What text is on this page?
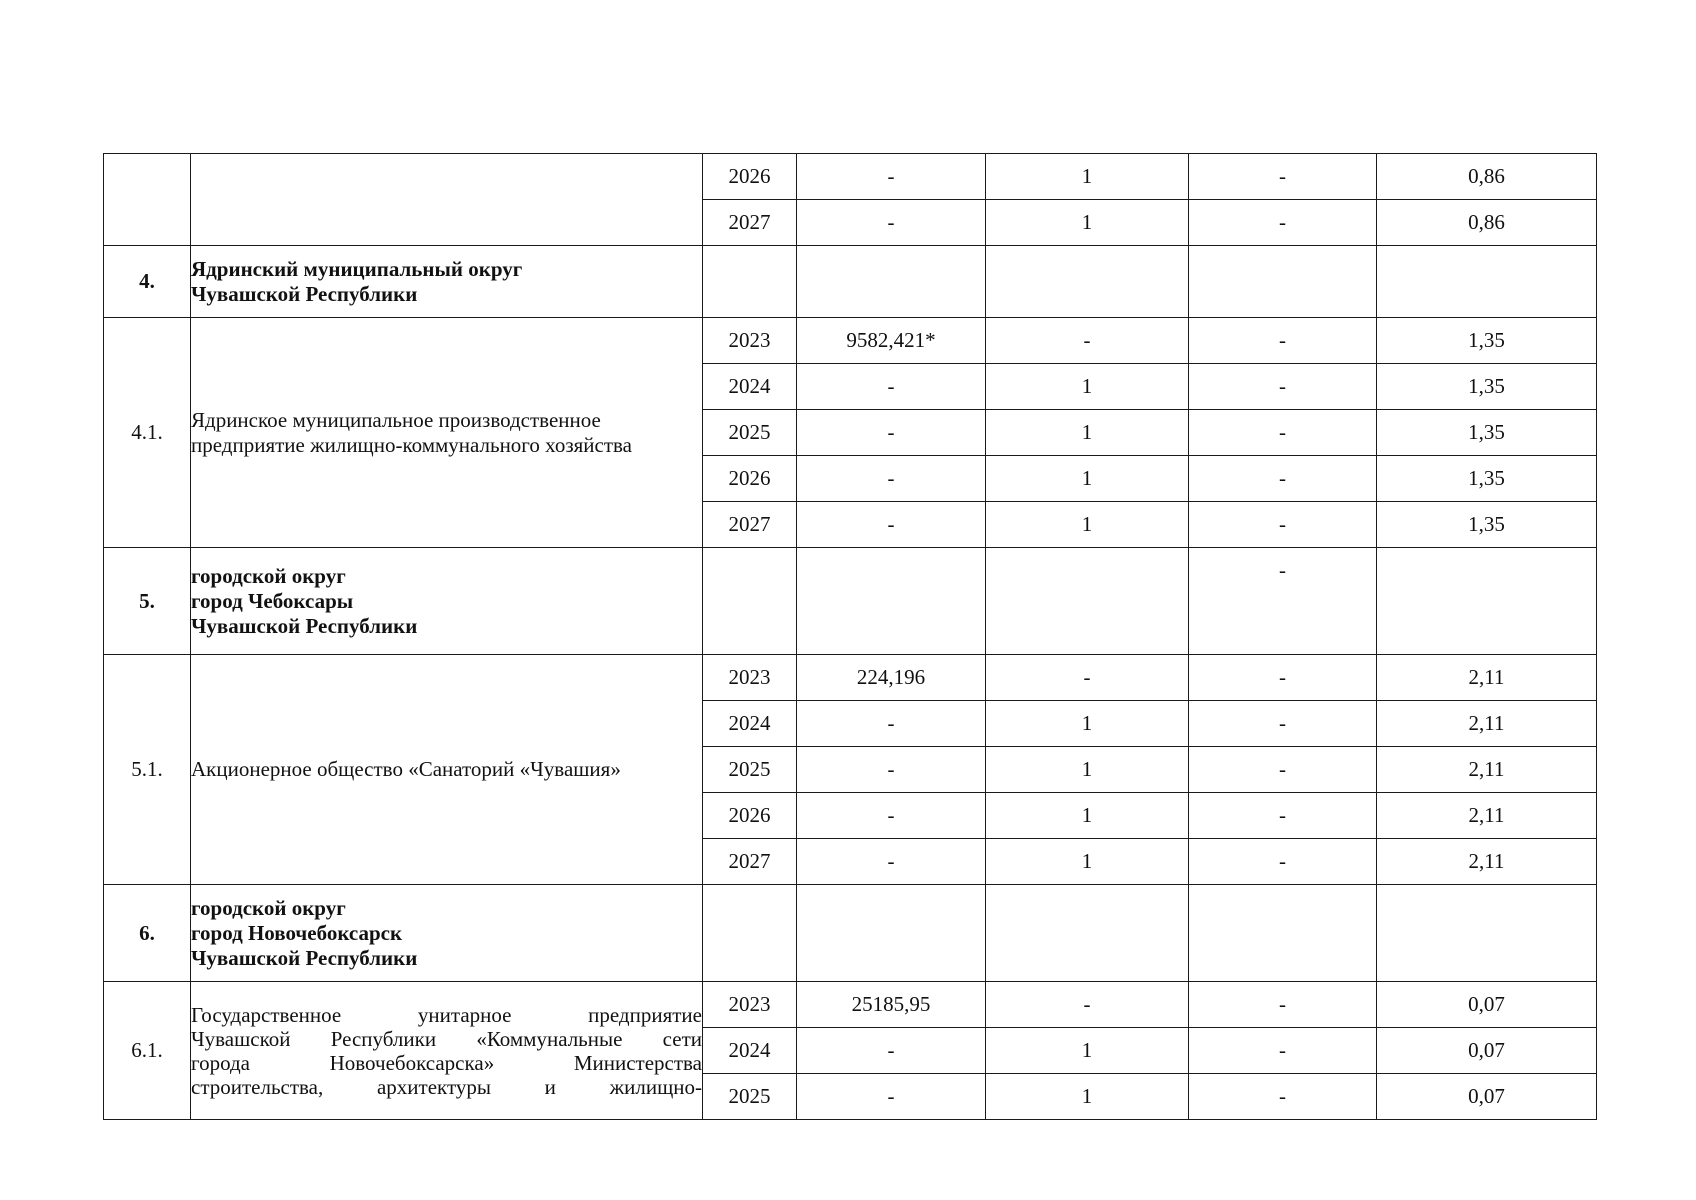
		2026	-	1	-	0,86
		2027	-	1	-	0,86
4.	Ядринский муниципальный округ
Чувашской Республики					

4.1.	Ядринское муниципальное производственное
предприятие жилищно-коммунального хозяйства	2023	9582,421*	-	-	1,35
		2024	-	1	-	1,35
		2025	-	1	-	1,35
		2026	-	1	-	1,35
		2027	-	1	-	1,35
5.	городской округ
город Чебоксары
Чувашской Республики				-	
5.1.	Акционерное общество «Санаторий «Чувашия»	2023	224,196	-	-	2,11
		2024	-	1	-	2,11
		2025	-	1	-	2,11
		2026	-	1	-	2,11
		2027	-	1	-	2,11
6.	городской округ
город Новочебоксарск
Чувашской Республики					

6.1.	Государственное унитарное предприятие
Чувашской Республики «Коммунальные сети
города Новочебоксарска» Министерства
строительства, архитектуры и жилищно-	2023	25185,95	-	-	0,07
		2024	-	1	-	0,07
		2025	-	1	-	0,07
